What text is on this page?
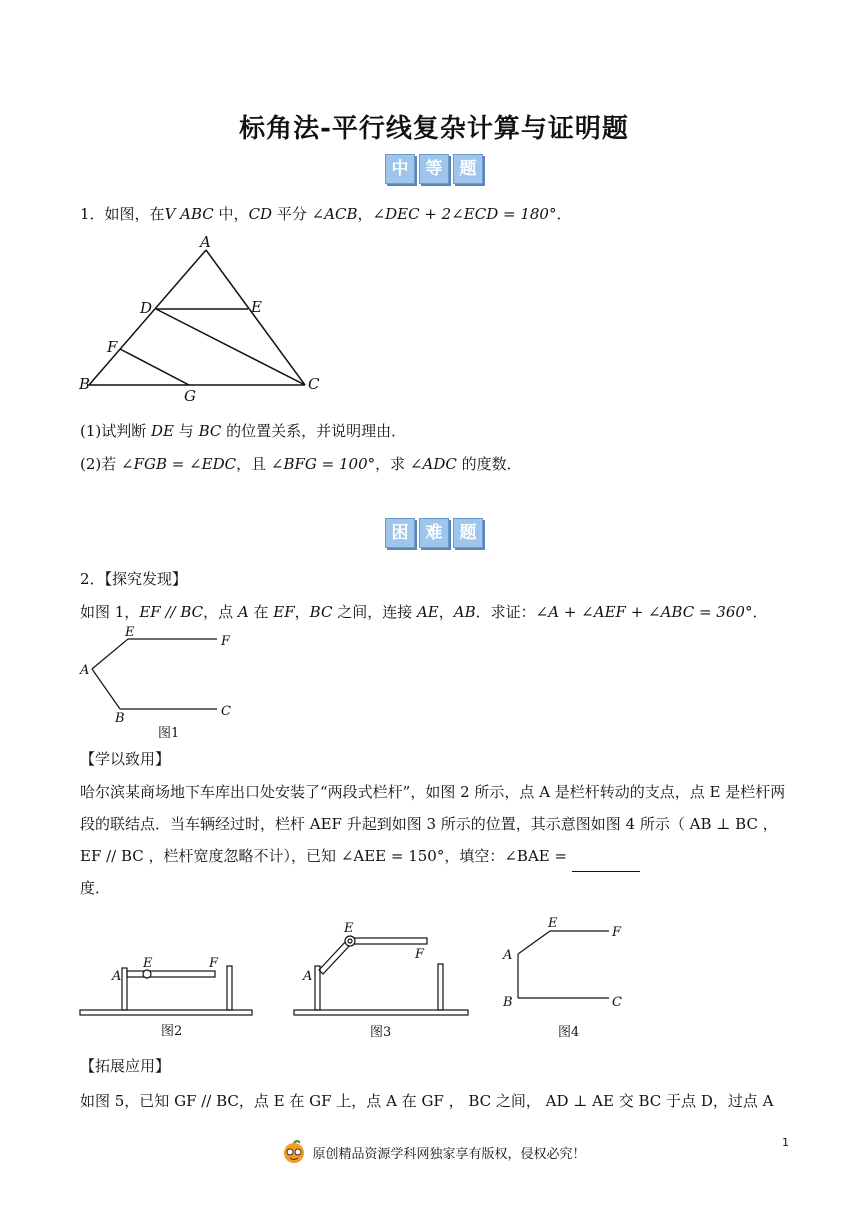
标角法-平行线复杂计算与证明题
中	等	题
1．如图，在V ABC 中，CD 平分 ∠ACB，∠DEC + 2∠ECD = 180°．
A
D	E
F
B	C
G
(1)试判断 DE 与 BC 的位置关系，并说明理由．
(2)若 ∠FGB = ∠EDC，且 ∠BFG = 100°，求 ∠ADC 的度数．
困	难	题
2．【探究发现】
如图 1，EF // BC，点 A 在 EF，BC 之间，连接 AE，AB．求证：∠A + ∠AEF + ∠ABC = 360°．
E
F
A
B	C
图1
【学以致用】
哈尔滨某商场地下车库出口处安装了“两段式栏杆”，如图 2 所示，点 A 是栏杆转动的支点，点 E 是栏杆两段的联结点．当车辆经过时，栏杆 AEF 升起到如图 3 所示的位置，其示意图如图 4 所示（ AB ⊥ BC ， EF // BC ，栏杆宽度忽略不计），已知 ∠AEE = 150°，填空：∠BAE =
度．
A
E	F
图2
A
E
F
图3
A
E
F
B	C
图4
【拓展应用】
如图 5，已知 GF // BC，点 E 在 GF 上，点 A 在 GF ， BC 之间， AD ⊥ AE 交 BC 于点 D，过点 A
原创精品资源学科网独家享有版权，侵权必究！
1
